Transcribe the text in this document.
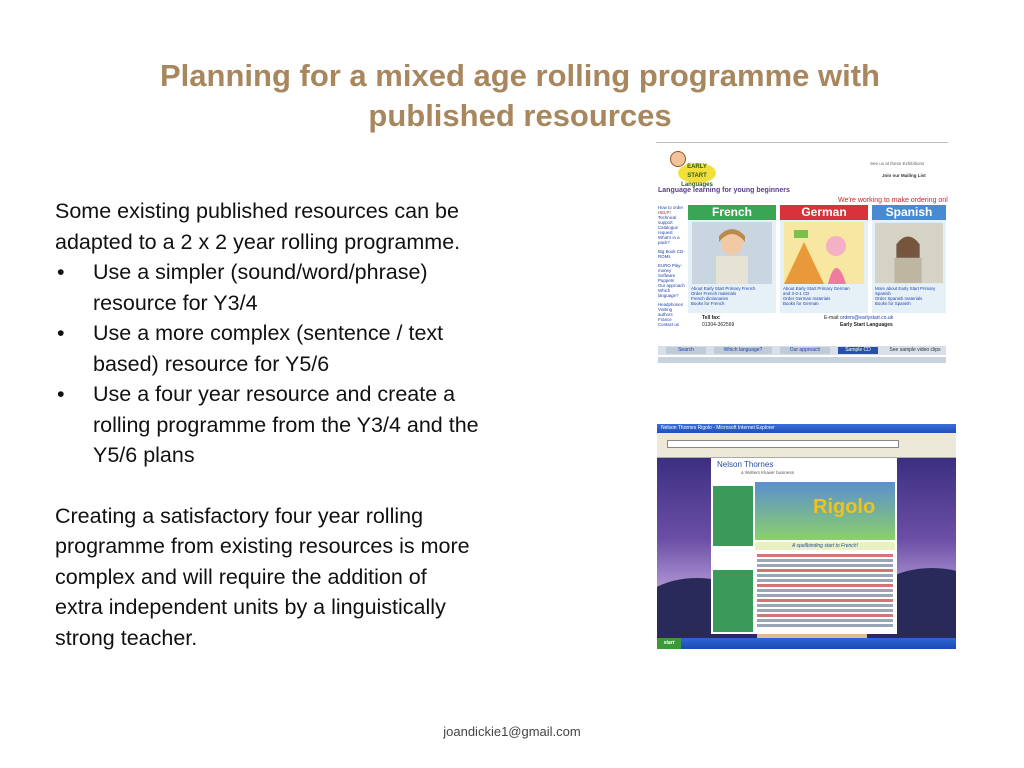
Planning for a mixed age rolling programme with
published resources

Some existing published resources can be
adapted to a 2 x 2 year rolling programme.

• Use a simpler (sound/word/phrase)
resource for Y3/4
• Use a more complex (sentence / text
based) resource for Y5/6
• Use a four year resource and create a
rolling programme from the Y3/4 and the
Y5/6 plans

Creating a satisfactory four year rolling
programme from existing resources is more
complex and will require the addition of
extra independent units by a linguistically
strong teacher.

EARLY START Languages
Language learning for young beginners
See us at these Exhibitions
Join our Mailing List
We're working to make ordering onl
How to order
HELP!
Technical support
Catalogue request
What's in a pack?
Big Book CD-ROMs
EURO Play-money
Software
Puppets
Our approach
Which language?
Headphones
Visiting authors
France
Contact us
French
About Early Start Primary French
Order French materials
French dictionaries
Books for French
German
About Early Start Primary German
and 3-2-1 CD
Order German materials
Books for German
Spanish
More about Early Start Primary Spanish
Order Spanish materials
Books for Spanish
Tell fax:
01304-362569
E-mail: orders@earlystart.co.uk
Early Start Languages
Search	Which language?	Our approach	Sample CD	See sample video clips
Nelson Thornes Rigolo - Microsoft Internet Explorer
Nelson Thornes
a Wolters Kluwer business
Rigolo
A spellbinding start to French!
start
joandickie1@gmail.com
